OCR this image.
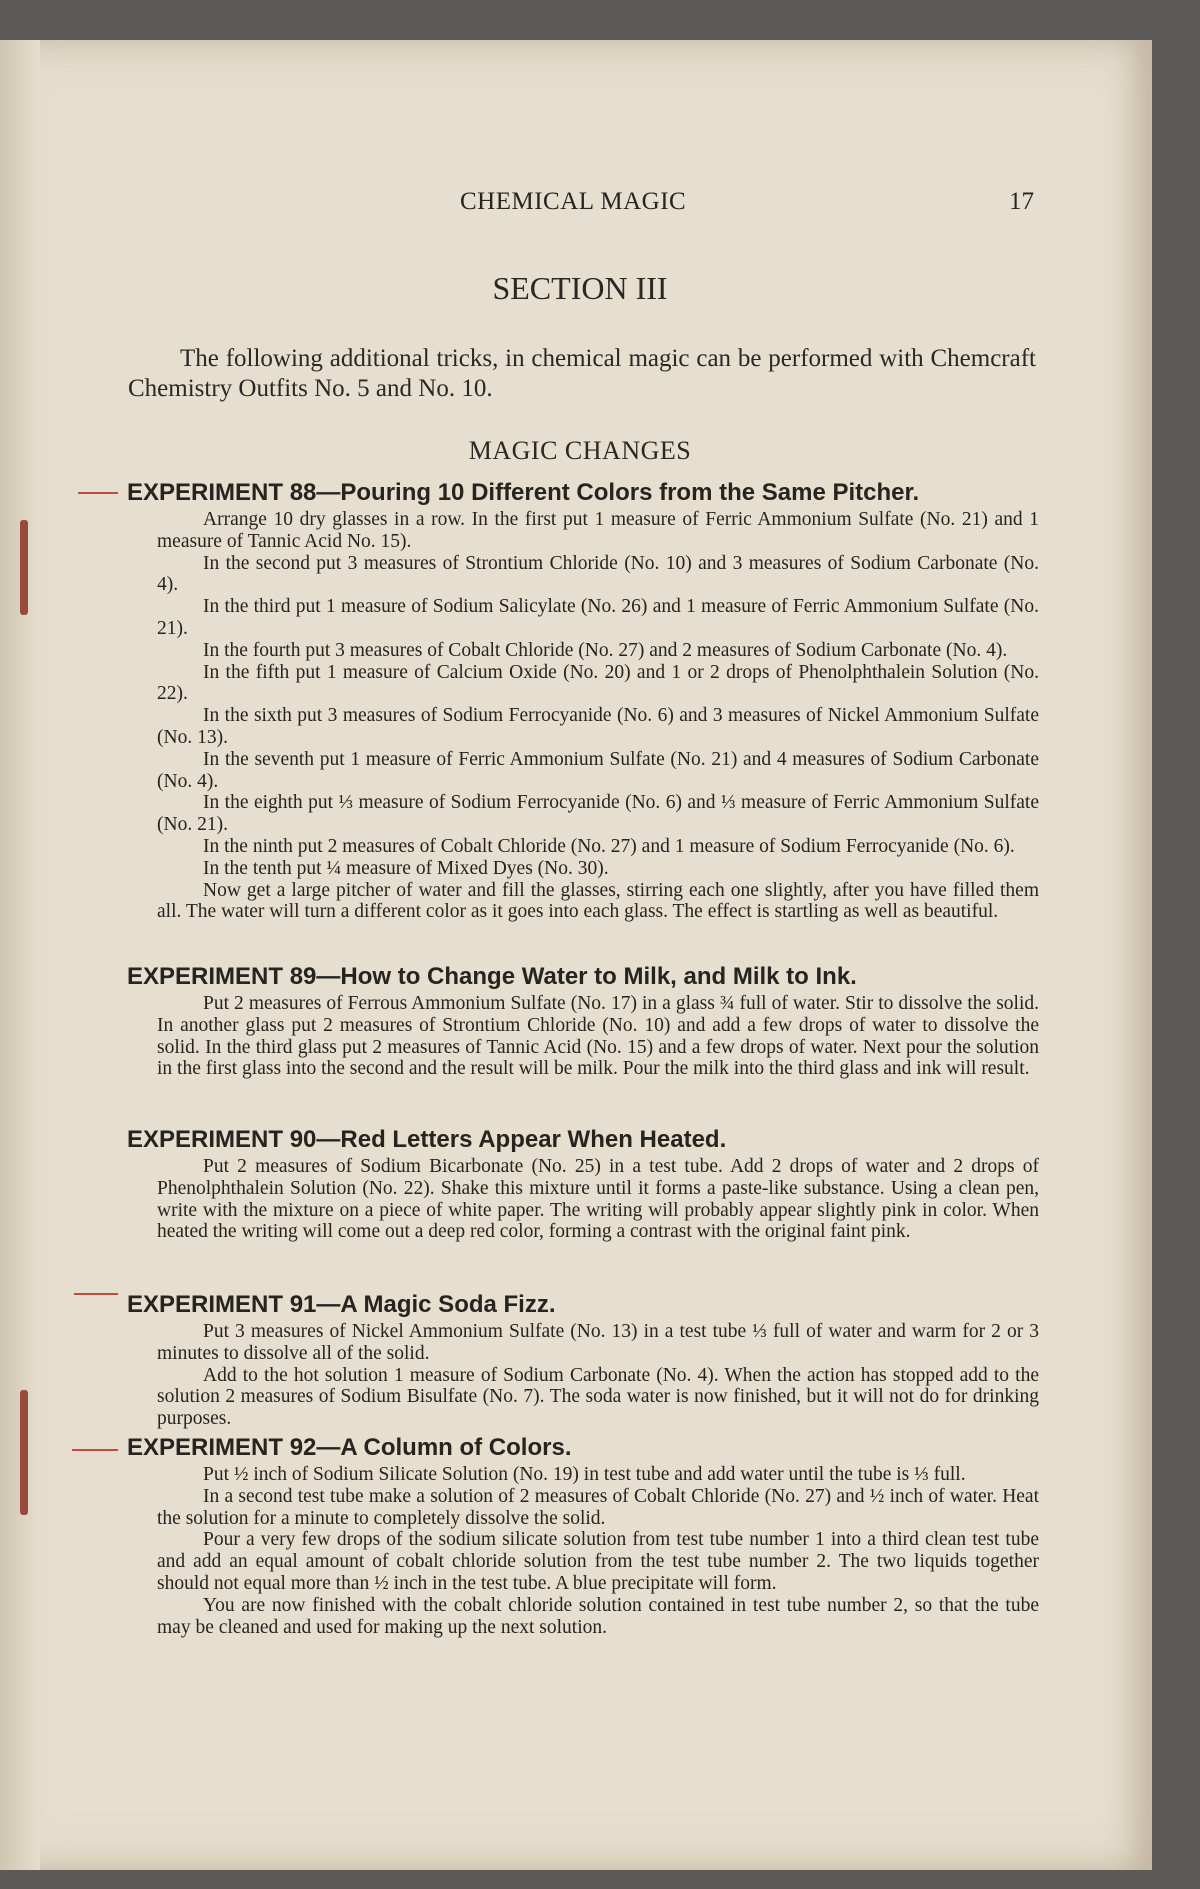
CHEMICAL MAGIC	17
SECTION III
The following additional tricks, in chemical magic can be performed with Chemcraft Chemistry Outfits No. 5 and No. 10.
MAGIC CHANGES
EXPERIMENT 88—Pouring 10 Different Colors from the Same Pitcher.

Arrange 10 dry glasses in a row. In the first put 1 measure of Ferric Ammonium Sulfate (No. 21) and 1 measure of Tannic Acid No. 15).

In the second put 3 measures of Strontium Chloride (No. 10) and 3 measures of Sodium Carbonate (No. 4).

In the third put 1 measure of Sodium Salicylate (No. 26) and 1 measure of Ferric Ammonium Sulfate (No. 21).

In the fourth put 3 measures of Cobalt Chloride (No. 27) and 2 measures of Sodium Carbonate (No. 4).

In the fifth put 1 measure of Calcium Oxide (No. 20) and 1 or 2 drops of Phenolphthalein Solution (No. 22).

In the sixth put 3 measures of Sodium Ferrocyanide (No. 6) and 3 measures of Nickel Ammonium Sulfate (No. 13).

In the seventh put 1 measure of Ferric Ammonium Sulfate (No. 21) and 4 measures of Sodium Carbonate (No. 4).

In the eighth put ⅓ measure of Sodium Ferrocyanide (No. 6) and ⅓ measure of Ferric Ammonium Sulfate (No. 21).

In the ninth put 2 measures of Cobalt Chloride (No. 27) and 1 measure of Sodium Ferrocyanide (No. 6).

In the tenth put ¼ measure of Mixed Dyes (No. 30).

Now get a large pitcher of water and fill the glasses, stirring each one slightly, after you have filled them all. The water will turn a different color as it goes into each glass. The effect is startling as well as beautiful.

EXPERIMENT 89—How to Change Water to Milk, and Milk to Ink.

Put 2 measures of Ferrous Ammonium Sulfate (No. 17) in a glass ¾ full of water. Stir to dissolve the solid. In another glass put 2 measures of Strontium Chloride (No. 10) and add a few drops of water to dissolve the solid. In the third glass put 2 measures of Tannic Acid (No. 15) and a few drops of water. Next pour the solution in the first glass into the second and the result will be milk. Pour the milk into the third glass and ink will result.

EXPERIMENT 90—Red Letters Appear When Heated.

Put 2 measures of Sodium Bicarbonate (No. 25) in a test tube. Add 2 drops of water and 2 drops of Phenolphthalein Solution (No. 22). Shake this mixture until it forms a paste-like substance. Using a clean pen, write with the mixture on a piece of white paper. The writing will probably appear slightly pink in color. When heated the writing will come out a deep red color, forming a contrast with the original faint pink.

EXPERIMENT 91—A Magic Soda Fizz.

Put 3 measures of Nickel Ammonium Sulfate (No. 13) in a test tube ⅓ full of water and warm for 2 or 3 minutes to dissolve all of the solid.

Add to the hot solution 1 measure of Sodium Carbonate (No. 4). When the action has stopped add to the solution 2 measures of Sodium Bisulfate (No. 7). The soda water is now finished, but it will not do for drinking purposes.

EXPERIMENT 92—A Column of Colors.

Put ½ inch of Sodium Silicate Solution (No. 19) in test tube and add water until the tube is ⅓ full.

In a second test tube make a solution of 2 measures of Cobalt Chloride (No. 27) and ½ inch of water. Heat the solution for a minute to completely dissolve the solid.

Pour a very few drops of the sodium silicate solution from test tube number 1 into a third clean test tube and add an equal amount of cobalt chloride solution from the test tube number 2. The two liquids together should not equal more than ½ inch in the test tube. A blue precipitate will form.

You are now finished with the cobalt chloride solution contained in test tube number 2, so that the tube may be cleaned and used for making up the next solution.
